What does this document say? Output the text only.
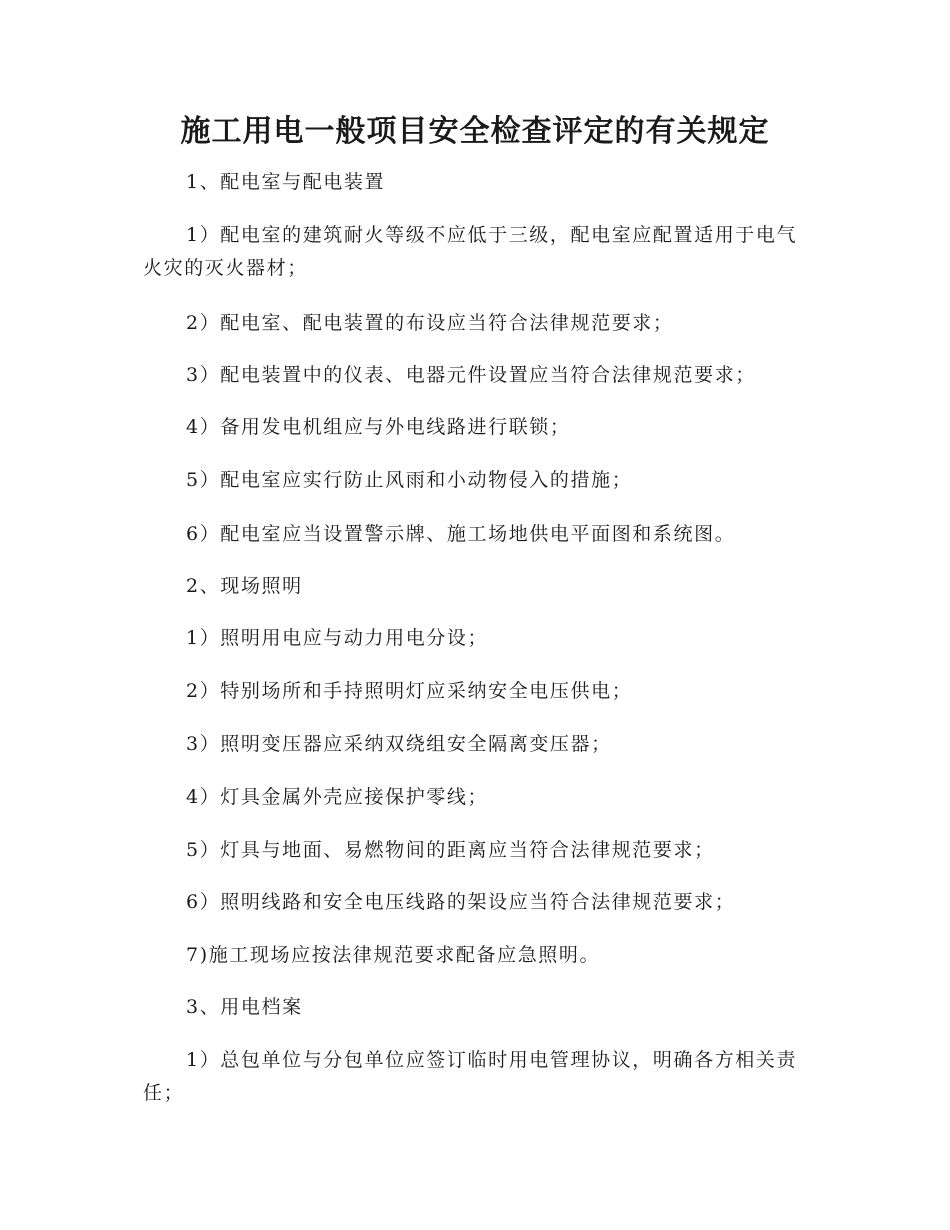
施工用电一般项目安全检查评定的有关规定

1、配电室与配电装置

1）配电室的建筑耐火等级不应低于三级，配电室应配置适用于电气火灾的灭火器材；

2）配电室、配电装置的布设应当符合法律规范要求；

3）配电装置中的仪表、电器元件设置应当符合法律规范要求；

4）备用发电机组应与外电线路进行联锁；

5）配电室应实行防止风雨和小动物侵入的措施；

6）配电室应当设置警示牌、施工场地供电平面图和系统图。

2、现场照明

1）照明用电应与动力用电分设；

2）特别场所和手持照明灯应采纳安全电压供电；

3）照明变压器应采纳双绕组安全隔离变压器；

4）灯具金属外壳应接保护零线；

5）灯具与地面、易燃物间的距离应当符合法律规范要求；

6）照明线路和安全电压线路的架设应当符合法律规范要求；

7)施工现场应按法律规范要求配备应急照明。

3、用电档案

1）总包单位与分包单位应签订临时用电管理协议，明确各方相关责任；
